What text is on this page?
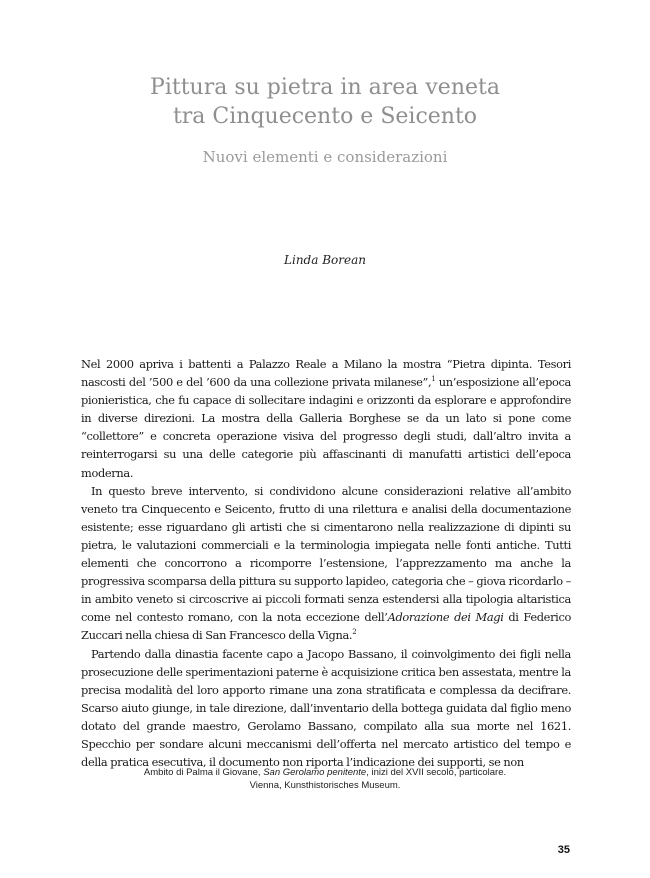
Pittura su pietra in area veneta
tra Cinquecento e Seicento
Nuovi elementi e considerazioni
Linda Borean

Nel 2000 apriva i battenti a Palazzo Reale a Milano la mostra “Pietra dipinta. Tesori nascosti del ’500 e del ’600 da una collezione privata milanese”,$^1$ un’esposizione all’epoca pionieristica, che fu capace di sollecitare indagini e orizzonti da esplorare e approfondire in diverse direzioni. La mostra della Galleria Borghese se da un lato si pone come “collettore” e concreta operazione visiva del progresso degli studi, dall’altro invita a reinterrogarsi su una delle categorie più affascinanti di manufatti artistici dell’epoca moderna.

In questo breve intervento, si condividono alcune considerazioni relative all’ambito veneto tra Cinquecento e Seicento, frutto di una rilettura e analisi della documentazione esistente; esse riguardano gli artisti che si cimentarono nella realizzazione di dipinti su pietra, le valutazioni commerciali e la terminologia impiegata nelle fonti antiche. Tutti elementi che concorrono a ricomporre l’estensione, l’apprezzamento ma anche la progressiva scomparsa della pittura su supporto lapideo, categoria che – giova ricordarlo – in ambito veneto si circoscrive ai piccoli formati senza estendersi alla tipologia altaristica come nel contesto romano, con la nota eccezione dell’Adorazione dei Magi di Federico Zuccari nella chiesa di San Francesco della Vigna.$^2$

Partendo dalla dinastia facente capo a Jacopo Bassano, il coinvolgimento dei figli nella prosecuzione delle sperimentazioni paterne è acquisizione critica ben assestata, mentre la precisa modalità del loro apporto rimane una zona stratificata e complessa da decifrare. Scarso aiuto giunge, in tale direzione, dall’inventario della bottega guidata dal figlio meno dotato del grande maestro, Gerolamo Bassano, compilato alla sua morte nel 1621. Specchio per sondare alcuni meccanismi dell’offerta nel mercato artistico del tempo e della pratica esecutiva, il documento non riporta l’indicazione dei supporti, se non

Ambito di Palma il Giovane, San Gerolamo penitente, inizi del XVII secolo, particolare.
Vienna, Kunsthistorisches Museum.
35
